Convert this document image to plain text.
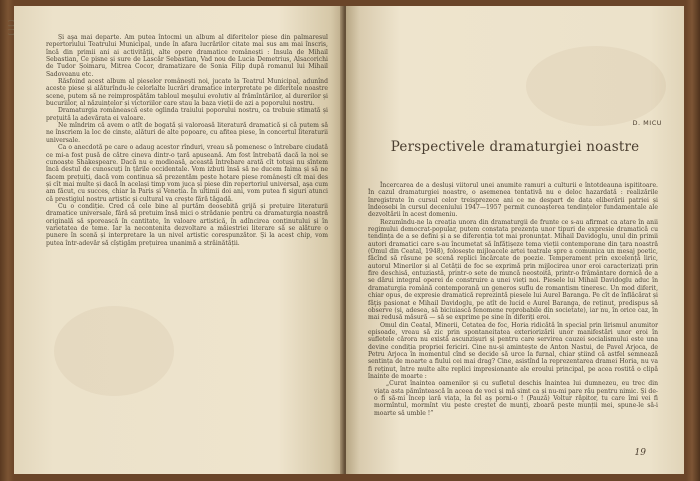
Și aşa mai departe. Am putea întocmi un album al diferitelor piese din palmaresul repertoriului Teatrului Municipal, unde în afara lucrărilor citate mai sus am mai înscris, încă din primii ani ai activității, alte opere dramatice românești : Insula de Mihail Sebastian, Ce pisne și sure de Lascăr Sebastian, Vad nou de Lucia Demetrius, Alsacorichi de Tudor Șoimaru, Mitrea Cocor, dramatizare de Sonia Filip după romanul lui Mihail Sadoveanu etc.

Răsfoind acest album al pieselor românești noi, jucate la Teatrul Municipal, adunînd aceste piese și alăturîndu-le celorlalte lucrări dramatice interpretate pe diferitele noastre scene, putem să ne reimprospătăm tabloul meşului evolutiv al frămîntărilor, al durerilor și bucuriilor, al năzuințelor și victoriilor care stau la baza vieții de azi a poporului nostru.

Dramaturgia românească este oglinda traiului poporului nostru, ca trebuie stimată și prețuită la adevărata ei valoare.

Ne mîndrim că avem o atît de bogată și valoroasă literatură dramatică și că putem să ne înscriem la loc de cinste, alături de alte popoare, cu afitea piese, în concertul literaturii universale.

Ca o anecdotă pe care o adaug acestor rînduri, vreau să pomenesc o întrebare ciudată ce mi-a fost pusă de către cineva dintr-o țară apuseană. Am fost întrebată dacă la noi se cunoaște Shakespeare. Dacă nu e modioasă, această întrebare arată cît totuși nu sîntem încă destul de cunoscuți în țările occidentale. Vom izbuti însă să ne ducem faima și să ne facem prețuiți, dacă vom continua să prezentăm peste hotare piese românești cît mai des și cît mai multe și dacă în același timp vom juca și piese din repertoriul universal, aşa cum am făcut, cu succes, chiar la Paris și Veneția. În ultimii doi ani, vom putea fi siguri atunci că prestigiul nostru artistic și cultural va crește fără tăgadă.

Cu o condiție. Cred că cele bine al purtăm deosebită grijă și prețuire literaturii dramatice universale, fără să pretuim însă mici o strădanie pentru ca dramaturgia noastră originală să sporească în cantitate, în valoare artistică, în adîncirea conținutului și în varietatea de teme. Iar la necontenita dezvoltare a măiestriei literare să se alăture o punere în scenă și interpretare la un nivel artistic corespunzător. Și la acest chip, vom putea într-adevăr să cîștigăm prețuirea unanimă a străinătății.

D. MICU
Perspectivele dramaturgiei noastre

Încercarea de a desluși viitorul unei anumite ramuri a culturii e întotdeauna ispititoare. În cazul dramaturgiei noastre, o asemenea tentativă nu e deloc hazardată : realizările înregistrate în cursul celor treisprezece ani ce ne despart de data eliberării patriei și îndeosebi în cursul deceniului 1947—1957 permit cunoașterea tendințelor fundamentale ale dezvoltării în acest domeniu.

Rezumîndu-ne la creația unora din dramaturgii de frunte ce s-au afirmat ca atare în anii regimului democrat-popular, putem constata prezența unor tipuri de expresie dramatică cu tendința de a se defini și a se diferenția tot mai pronunțat. Mihail Davidoglu, unul din primii autori dramatici care s-au încumetat să înfățișeze tema vieții contemporane din țara noastră (Omul din Ceatal, 1948), folosește mijloacele artei teatrale spre a comunica un mesaj poetic, făcînd să răsune pe scenă replici încărcate de poezie. Temperament prin excelență liric, autorul Minerilor și al Cetății de foc se exprimă prin mijlocirea unor eroi caracterizați prin fire deschisă, entuziastă, printr-o sete de muncă neostoită, printr-o frământare dornică de a se dărui integral operei de construire a unei vieți noi. Piesele lui Mihail Davidoglu aduc în dramaturgia română contemporană un generos suflu de romantism tineresc. Un mod diferit, chiar opus, de expresie dramatică reprezintă piesele lui Aurel Baranga. Pe cît de înflăcărat și făţiș pasionat e Mihail Davidoglu, pe atît de lucid e Aurel Baranga, de reținut, predispus să observe (și, adesea, să biciuiască fenomene reprobabile din societate), iar nu, în orice caz, în mai redusă măsură — să se exprime pe sine în diferiți eroi.

Omul din Ceatal, Minerii, Cetatea de foc, Horia ridicătă în special prin lirismul anumitor episoade, vreau să zic prin spontaneitatea exteriorizării unor manifestări unor eroi în sufletele cărora nu există ascunzișuri și pentru care servirea cauzei socialismului este una devine condiția propriei fericiri. Cine nu-și amintește de Anton Nastui, de Pavel Arjoca, de Petru Arjoca în momentul cînd se decide să urce la furnal, chiar știind că astfel semnează sentința de moarte a fiului cei mai drag? Cine, asistînd la reprezentarea dramei Horia, nu va fi reținut, între multe alte replici impresionante ale eroului principal, pe acea rostită o clipă înainte de moarte :

„Curat înaintea oamenilor și cu sufletul deschis înaintea lui dumnezeu, eu trec din viața asta pămîntească în aceea de voci și mă simt ca și nu-mi pare rău pentru nimic. Și de-o fi să-mi încep iară viața, la fel aș porni-o ! (Pauză) Voltur răpitor, tu care îmi vei fi mormîntul, mormînt viu peste creștet de munți, zboară peste munții mei, spune-le să-i moarte să umble !”

19
[ ] [ ]
